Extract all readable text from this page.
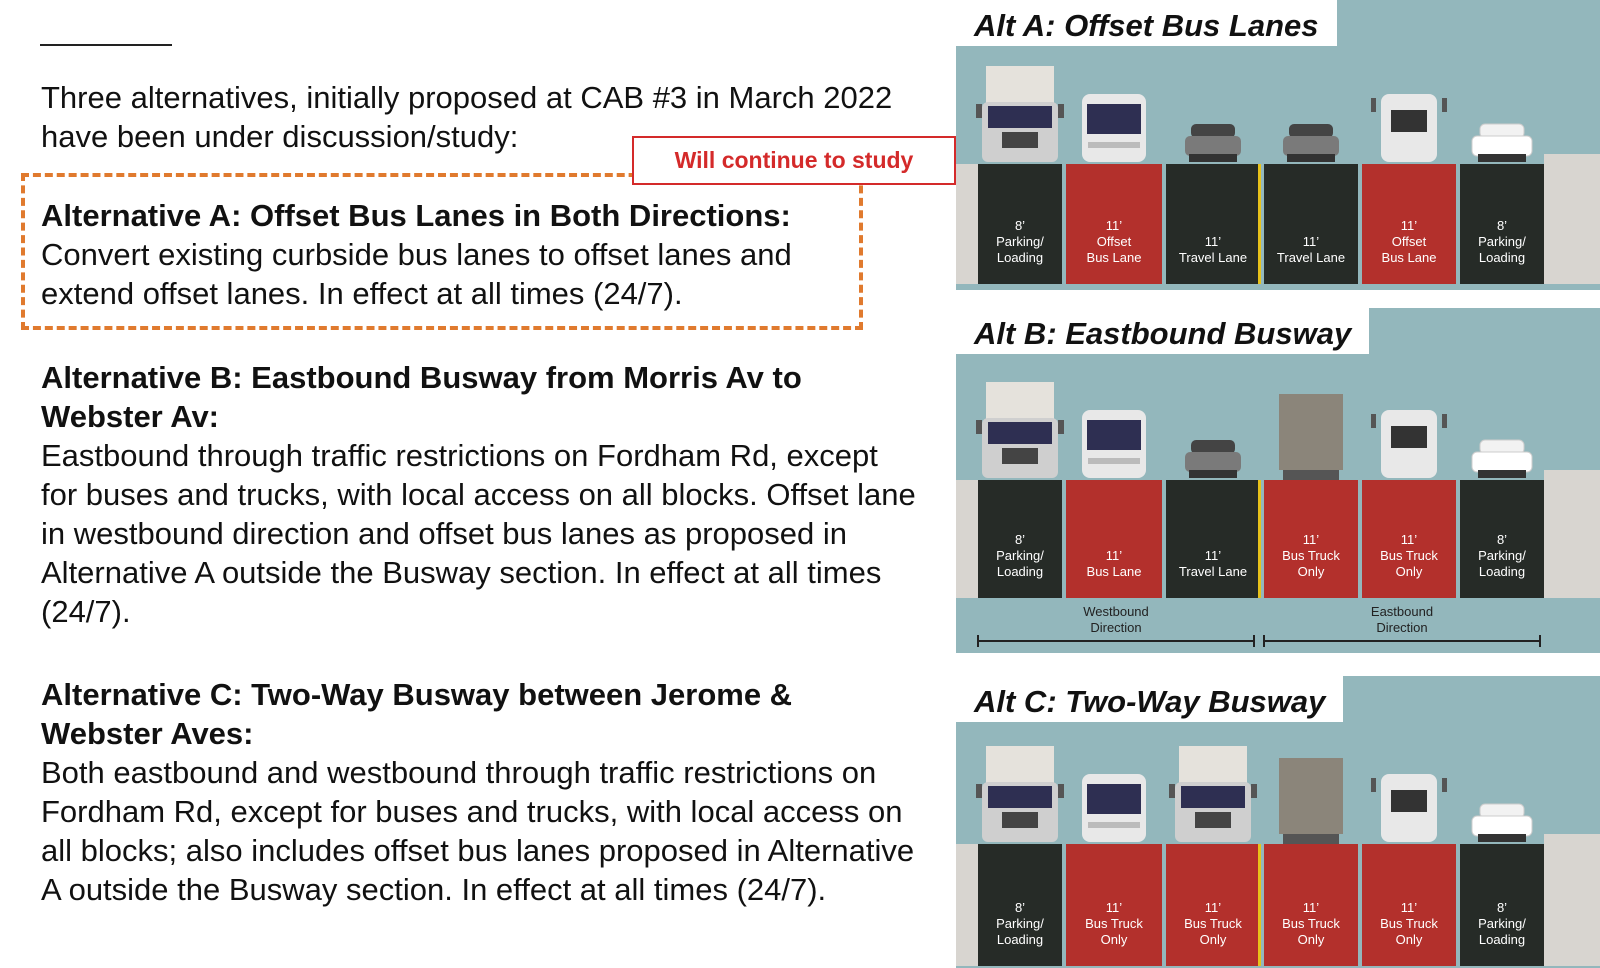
Three alternatives, initially proposed at CAB #3 in March 2022 have been under discussion/study:

Will continue to study

Alternative A: Offset Bus Lanes in Both Directions:

Convert existing curbside bus lanes to offset lanes and extend offset lanes. In effect at all times (24/7).

Alternative B: Eastbound Busway from Morris Av to Webster Av:

Eastbound through traffic restrictions on Fordham Rd, except for buses and trucks, with local access on all blocks. Offset lane in westbound direction and offset bus lanes as proposed in Alternative A outside the Busway section. In effect at all times (24/7).

Alternative C: Two-Way Busway between Jerome & Webster Aves:

Both eastbound and westbound through traffic restrictions on Fordham Rd, except for buses and trucks, with local access on all blocks; also includes offset bus lanes proposed in Alternative A outside the Busway section. In effect at all times (24/7).

8’
Parking/
Loading
11’
Offset
Bus Lane
11’
Travel Lane
11’
Travel Lane
11’
Offset
Bus Lane
8’
Parking/
Loading
Alt A: Offset Bus Lanes
8’
Parking/
Loading
11’
Bus Lane
11’
Travel Lane
11’
Bus Truck
Only
11’
Bus Truck
Only
8’
Parking/
Loading
Westbound
Direction
Eastbound
Direction
Alt B: Eastbound Busway
8’
Parking/
Loading
11’
Bus Truck
Only
11’
Bus Truck
Only
11’
Bus Truck
Only
11’
Bus Truck
Only
8’
Parking/
Loading
Alt C: Two-Way Busway
